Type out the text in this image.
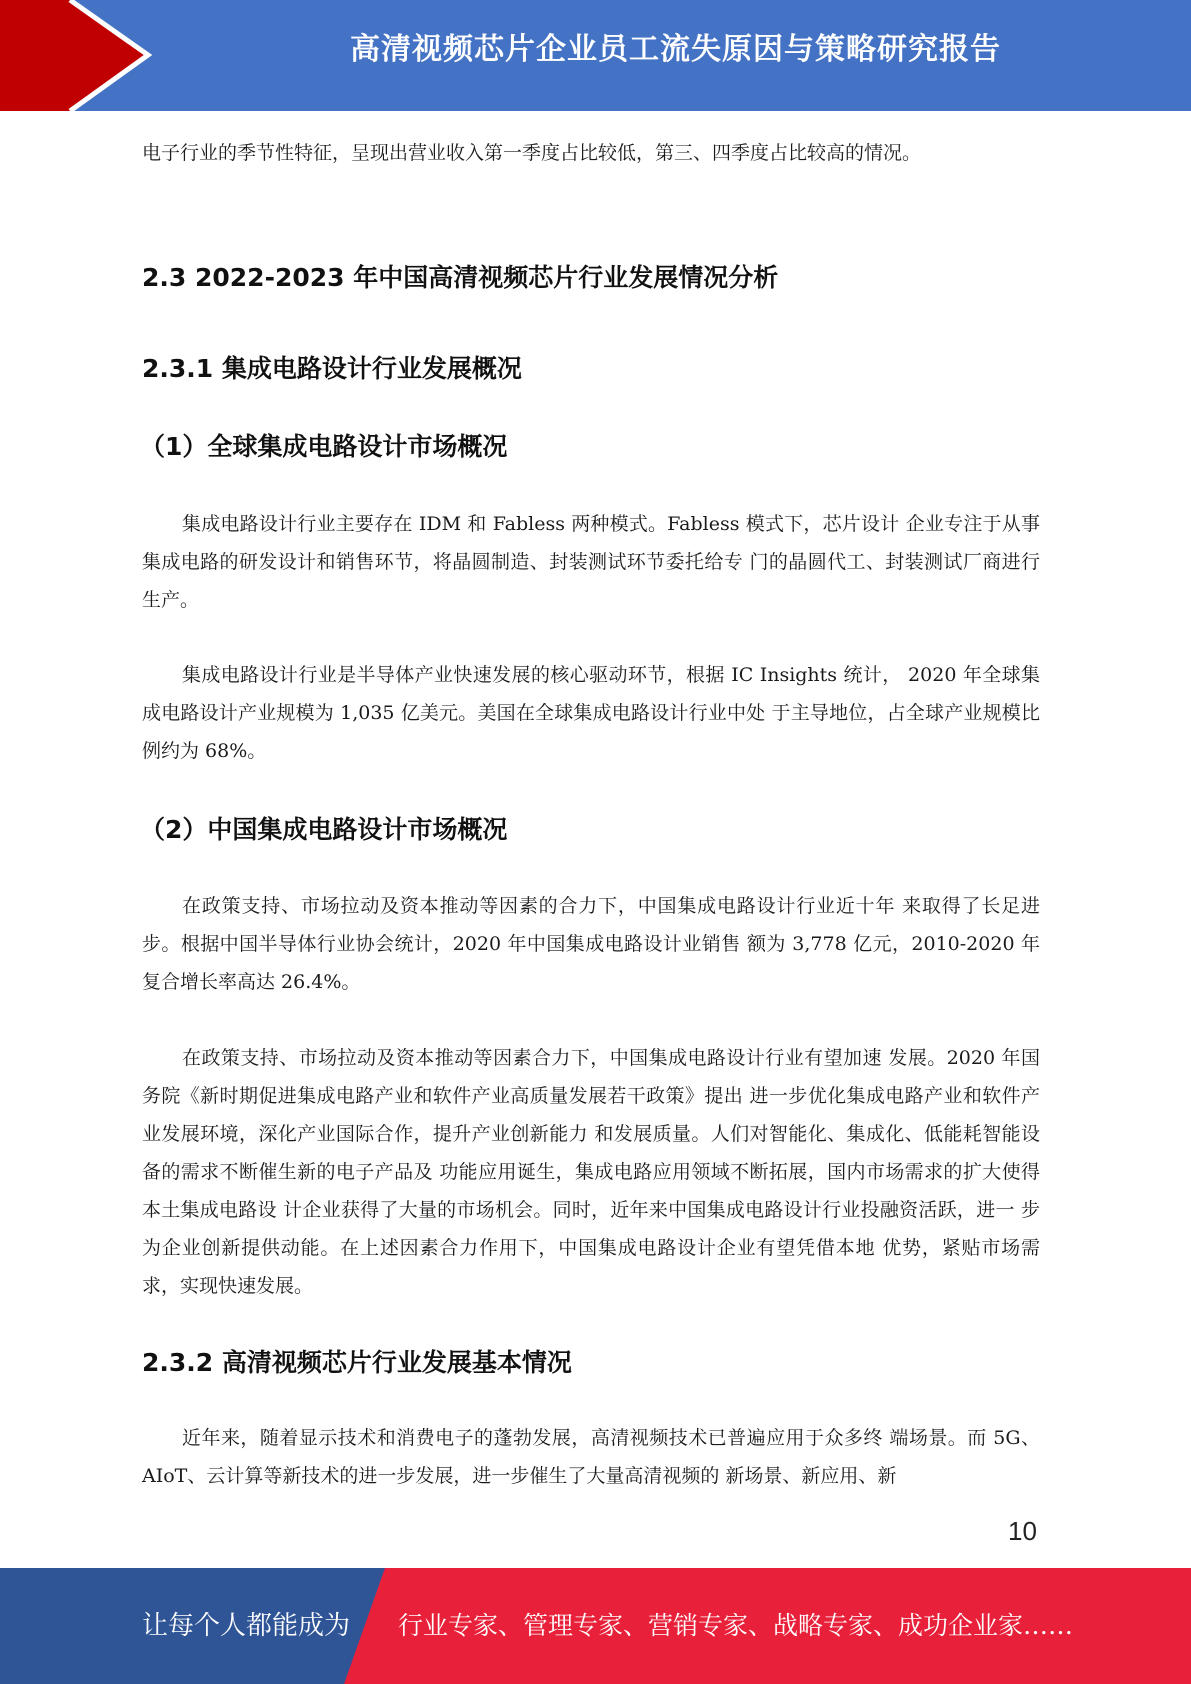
高清视频芯片企业员工流失原因与策略研究报告

电子行业的季节性特征，呈现出营业收入第一季度占比较低，第三、四季度占比较高的情况。

2.3 2022-2023 年中国高清视频芯片行业发展情况分析
2.3.1 集成电路设计行业发展概况
（1）全球集成电路设计市场概况

集成电路设计行业主要存在 IDM 和 Fabless 两种模式。Fabless 模式下，芯片设计 企业专注于从事集成电路的研发设计和销售环节，将晶圆制造、封装测试环节委托给专 门的晶圆代工、封装测试厂商进行生产。

集成电路设计行业是半导体产业快速发展的核心驱动环节，根据 IC Insights 统计， 2020 年全球集成电路设计产业规模为 1,035 亿美元。美国在全球集成电路设计行业中处 于主导地位，占全球产业规模比例约为 68%。

（2）中国集成电路设计市场概况

在政策支持、市场拉动及资本推动等因素的合力下，中国集成电路设计行业近十年 来取得了长足进步。根据中国半导体行业协会统计，2020 年中国集成电路设计业销售 额为 3,778 亿元，2010-2020 年复合增长率高达 26.4%。

在政策支持、市场拉动及资本推动等因素合力下，中国集成电路设计行业有望加速 发展。2020 年国务院《新时期促进集成电路产业和软件产业高质量发展若干政策》提出 进一步优化集成电路产业和软件产业发展环境，深化产业国际合作，提升产业创新能力 和发展质量。人们对智能化、集成化、低能耗智能设备的需求不断催生新的电子产品及 功能应用诞生，集成电路应用领域不断拓展，国内市场需求的扩大使得本土集成电路设 计企业获得了大量的市场机会。同时，近年来中国集成电路设计行业投融资活跃，进一 步为企业创新提供动能。在上述因素合力作用下，中国集成电路设计企业有望凭借本地 优势，紧贴市场需求，实现快速发展。

2.3.2 高清视频芯片行业发展基本情况

近年来，随着显示技术和消费电子的蓬勃发展，高清视频技术已普遍应用于众多终 端场景。而 5G、AIoT、云计算等新技术的进一步发展，进一步催生了大量高清视频的 新场景、新应用、新

10
让每个人都能成为 行业专家、管理专家、营销专家、战略专家、成功企业家……
